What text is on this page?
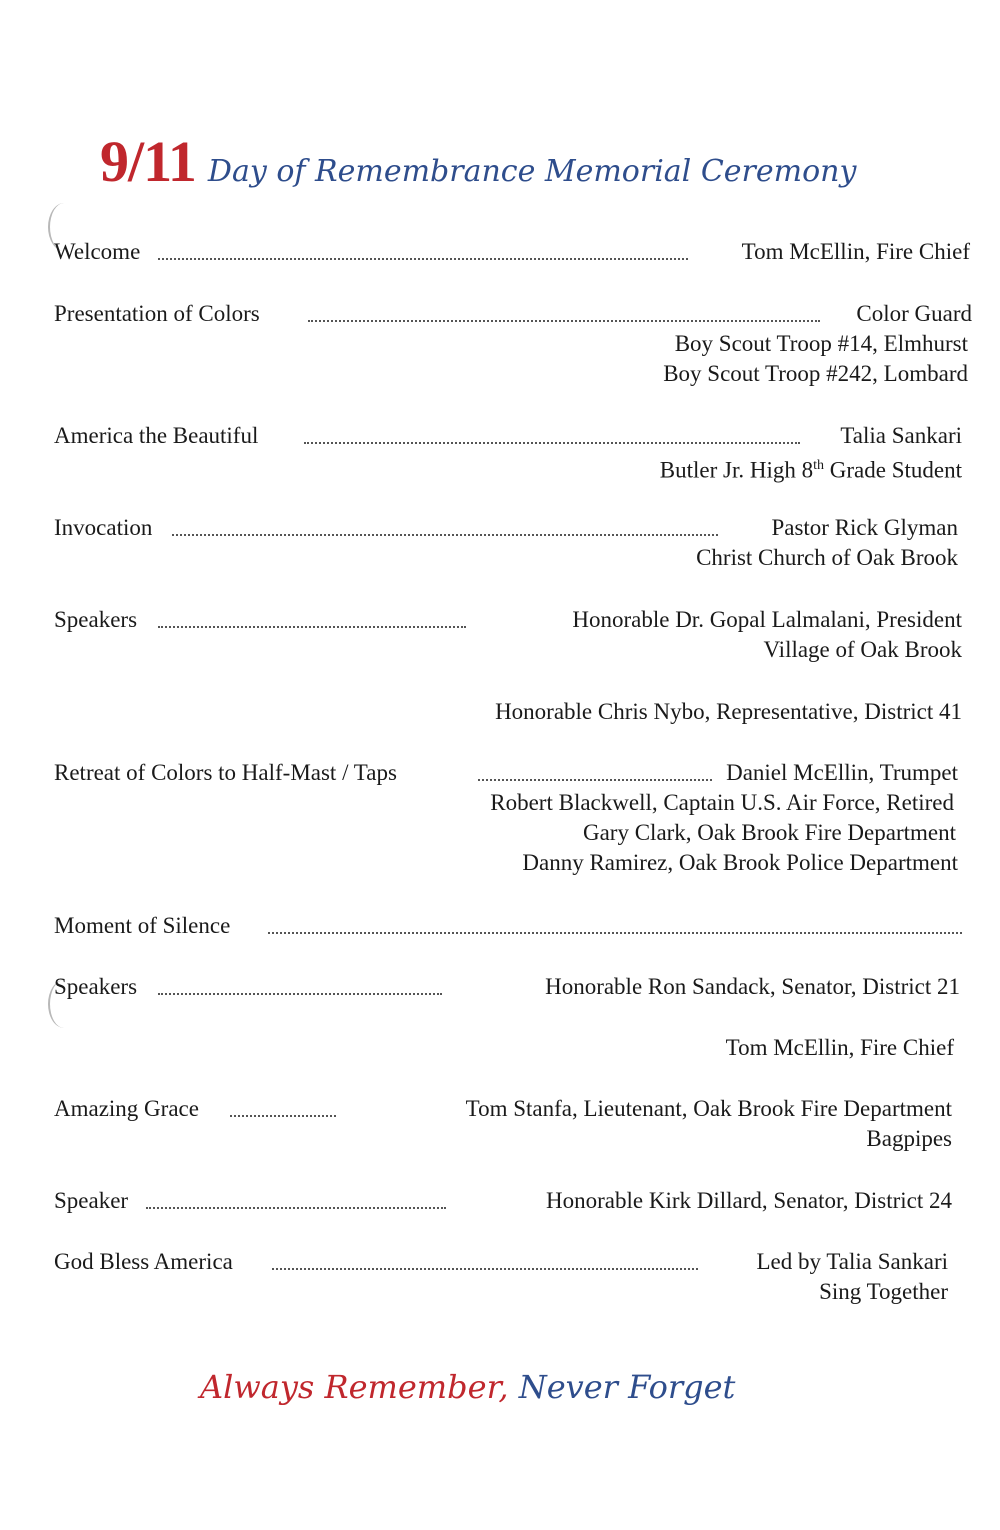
9/11 Day of Remembrance Memorial Ceremony
Welcome	Tom McEllin, Fire Chief
Presentation of Colors	Color Guard
Boy Scout Troop #14, Elmhurst
Boy Scout Troop #242, Lombard
America the Beautiful	Talia Sankari
Butler Jr. High 8th Grade Student
Invocation	Pastor Rick Glyman
Christ Church of Oak Brook
Speakers	Honorable Dr. Gopal Lalmalani, President
Village of Oak Brook
Honorable Chris Nybo, Representative, District 41
Retreat of Colors to Half-Mast / Taps	Daniel McEllin, Trumpet
Robert Blackwell, Captain U.S. Air Force, Retired
Gary Clark, Oak Brook Fire Department
Danny Ramirez, Oak Brook Police Department
Moment of Silence
Speakers	Honorable Ron Sandack, Senator, District 21
Tom McEllin, Fire Chief
Amazing Grace	Tom Stanfa, Lieutenant, Oak Brook Fire Department
Bagpipes
Speaker	Honorable Kirk Dillard, Senator, District 24
God Bless America	Led by Talia Sankari
Sing Together
Always Remember, Never Forget
